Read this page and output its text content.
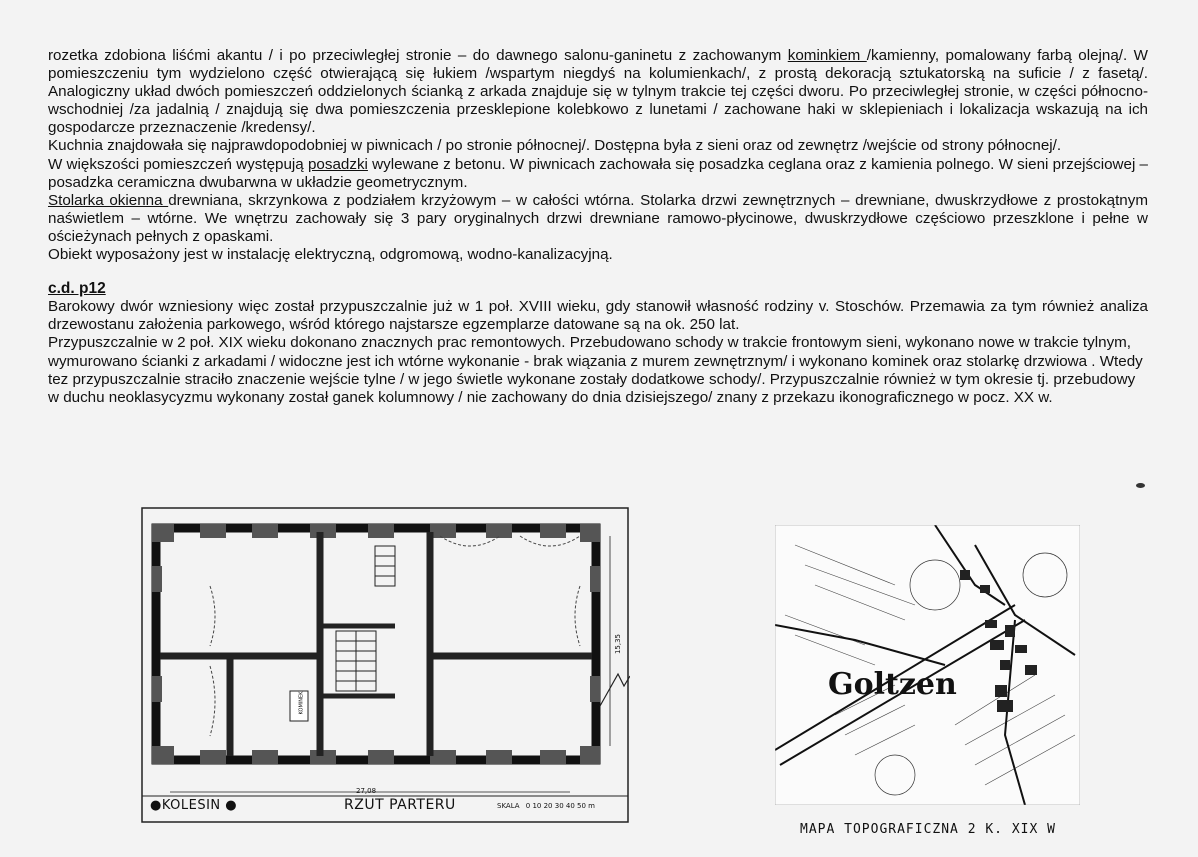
rozetka zdobiona liśćmi akantu / i po przeciwległej stronie – do dawnego salonu-ganinetu z zachowanym kominkiem /kamienny, pomalowany farbą olejną/. W pomieszczeniu tym wydzielono część otwierającą się łukiem /wspartym niegdyś na kolumienkach/, z prostą dekoracją sztukatorską na suficie / z fasetą/. Analogiczny układ dwóch pomieszczeń oddzielonych ścianką z arkada znajduje się w tylnym trakcie tej części dworu. Po przeciwległej stronie, w części północno-wschodniej /za jadalnią / znajdują się dwa pomieszczenia przesklepione kolebkowo z lunetami / zachowane haki w sklepieniach i lokalizacja wskazują na ich gospodarcze przeznaczenie /kredensy/.

Kuchnia znajdowała się najprawdopodobniej w piwnicach / po stronie północnej/. Dostępna była z sieni oraz od zewnętrz /wejście od strony północnej/.

W większości pomieszczeń występują posadzki wylewane z betonu. W piwnicach zachowała się posadzka ceglana oraz z kamienia polnego. W sieni przejściowej – posadzka ceramiczna dwubarwna w układzie geometrycznym.

Stolarka okienna drewniana, skrzynkowa z podziałem krzyżowym – w całości wtórna. Stolarka drzwi zewnętrznych – drewniane, dwuskrzydłowe z prostokątnym naświetlem – wtórne. We wnętrzu zachowały się 3 pary oryginalnych drzwi drewniane ramowo-płycinowe, dwuskrzydłowe częściowo przeszklone i pełne w ościeżynach pełnych z opaskami.

Obiekt wyposażony jest w instalację elektryczną, odgromową, wodno-kanalizacyjną.

c.d. p12

Barokowy dwór wzniesiony więc został przypuszczalnie już w 1 poł. XVIII wieku, gdy stanowił własność rodziny v. Stoschów. Przemawia za tym również analiza drzewostanu założenia parkowego, wśród którego najstarsze egzemplarze datowane są na ok. 250 lat.

Przypuszczalnie w 2 poł. XIX wieku dokonano znacznych prac remontowych. Przebudowano schody w trakcie frontowym sieni, wykonano nowe w trakcie tylnym, wymurowano ścianki z arkadami / widoczne jest ich wtórne wykonanie - brak wiązania z murem zewnętrznym/ i wykonano kominek oraz stolarkę drzwiowa . Wtedy tez przypuszczalnie straciło znaczenie wejście tylne / w jego świetle wykonane zostały dodatkowe schody/. Przypuszczalnie również w tym okresie tj. przebudowy w duchu neoklasycyzmu wykonany został ganek kolumnowy / nie zachowany do dnia dzisiejszego/ znany z przekazu ikonograficznego w pocz. XX w.

27,08
15,35
KOMINEK
●KOLESIN ●	RZUT PARTERU	SKALA 0 10 20 30 40 50 m
Goltzen
MAPA TOPOGRAFICZNA 2 K. XIX W
